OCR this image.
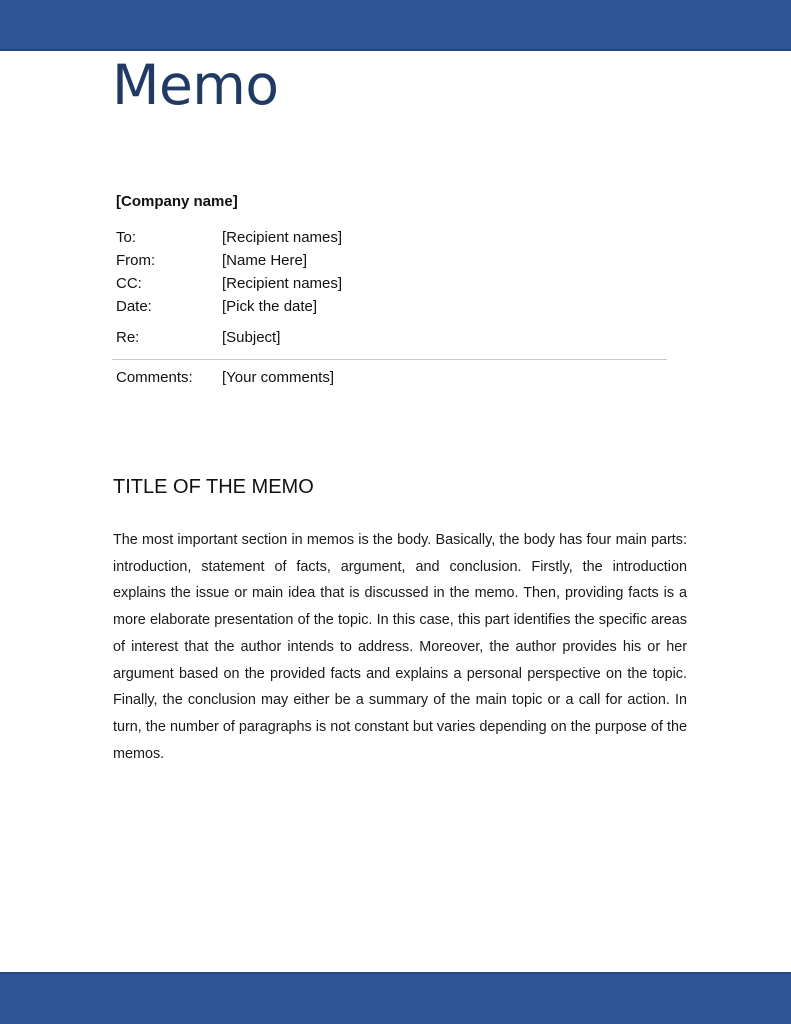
Memo
[Company name]
To:	[Recipient names]
From:	[Name Here]
CC:	[Recipient names]
Date:	[Pick the date]
Re:	[Subject]
Comments: [Your comments]
TITLE OF THE MEMO

The most important section in memos is the body. Basically, the body has four main parts: introduction, statement of facts, argument, and conclusion. Firstly, the introduction explains the issue or main idea that is discussed in the memo. Then, providing facts is a more elaborate presentation of the topic. In this case, this part identifies the specific areas of interest that the author intends to address. Moreover, the author provides his or her argument based on the provided facts and explains a personal perspective on the topic. Finally, the conclusion may either be a summary of the main topic or a call for action. In turn, the number of paragraphs is not constant but varies depending on the purpose of the memos.
